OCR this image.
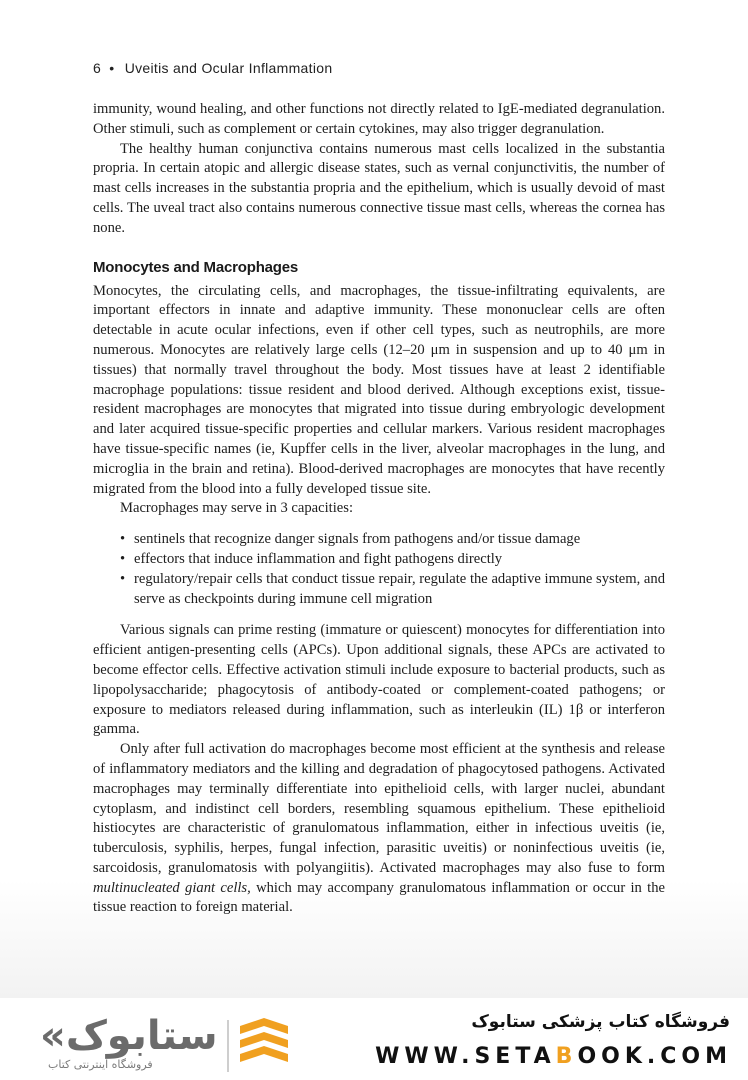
6 • Uveitis and Ocular Inflammation

immunity, wound healing, and other functions not directly related to IgE-mediated degranulation. Other stimuli, such as complement or certain cytokines, may also trigger degranulation.

The healthy human conjunctiva contains numerous mast cells localized in the substantia propria. In certain atopic and allergic disease states, such as vernal conjunctivitis, the number of mast cells increases in the substantia propria and the epithelium, which is usually devoid of mast cells. The uveal tract also contains numerous connective tissue mast cells, whereas the cornea has none.

Monocytes and Macrophages

Monocytes, the circulating cells, and macrophages, the tissue-infiltrating equivalents, are important effectors in innate and adaptive immunity. These mononuclear cells are often detectable in acute ocular infections, even if other cell types, such as neutrophils, are more numerous. Monocytes are relatively large cells (12–20 μm in suspension and up to 40 μm in tissues) that normally travel throughout the body. Most tissues have at least 2 identifiable macrophage populations: tissue resident and blood derived. Although exceptions exist, tissue-resident macrophages are monocytes that migrated into tissue during embryologic development and later acquired tissue-specific properties and cellular markers. Various resident macrophages have tissue-specific names (ie, Kupffer cells in the liver, alveolar macrophages in the lung, and microglia in the brain and retina). Blood-derived macrophages are monocytes that have recently migrated from the blood into a fully developed tissue site.

Macrophages may serve in 3 capacities:

• sentinels that recognize danger signals from pathogens and/or tissue damage
• effectors that induce inflammation and fight pathogens directly
• regulatory/repair cells that conduct tissue repair, regulate the adaptive immune system, and serve as checkpoints during immune cell migration

Various signals can prime resting (immature or quiescent) monocytes for differentiation into efficient antigen-presenting cells (APCs). Upon additional signals, these APCs are activated to become effector cells. Effective activation stimuli include exposure to bacterial products, such as lipopolysaccharide; phagocytosis of antibody-coated or complement-coated pathogens; or exposure to mediators released during inflammation, such as interleukin (IL) 1β or interferon gamma.

Only after full activation do macrophages become most efficient at the synthesis and release of inflammatory mediators and the killing and degradation of phagocytosed pathogens. Activated macrophages may terminally differentiate into epithelioid cells, with larger nuclei, abundant cytoplasm, and indistinct cell borders, resembling squamous epithelium. These epithelioid histiocytes are characteristic of granulomatous inflammation, either in infectious uveitis (ie, tuberculosis, syphilis, herpes, fungal infection, parasitic uveitis) or noninfectious uveitis (ie, sarcoidosis, granulomatosis with polyangiitis). Activated macrophages may also fuse to form multinucleated giant cells, which may accompany granulomatous inflammation or occur in the tissue reaction to foreign material.

«ستابوک
فروشگاه اینترنتی کتاب
فروشگاه کتاب پزشکی ستابوک
WWW.SETABOOK.COM
